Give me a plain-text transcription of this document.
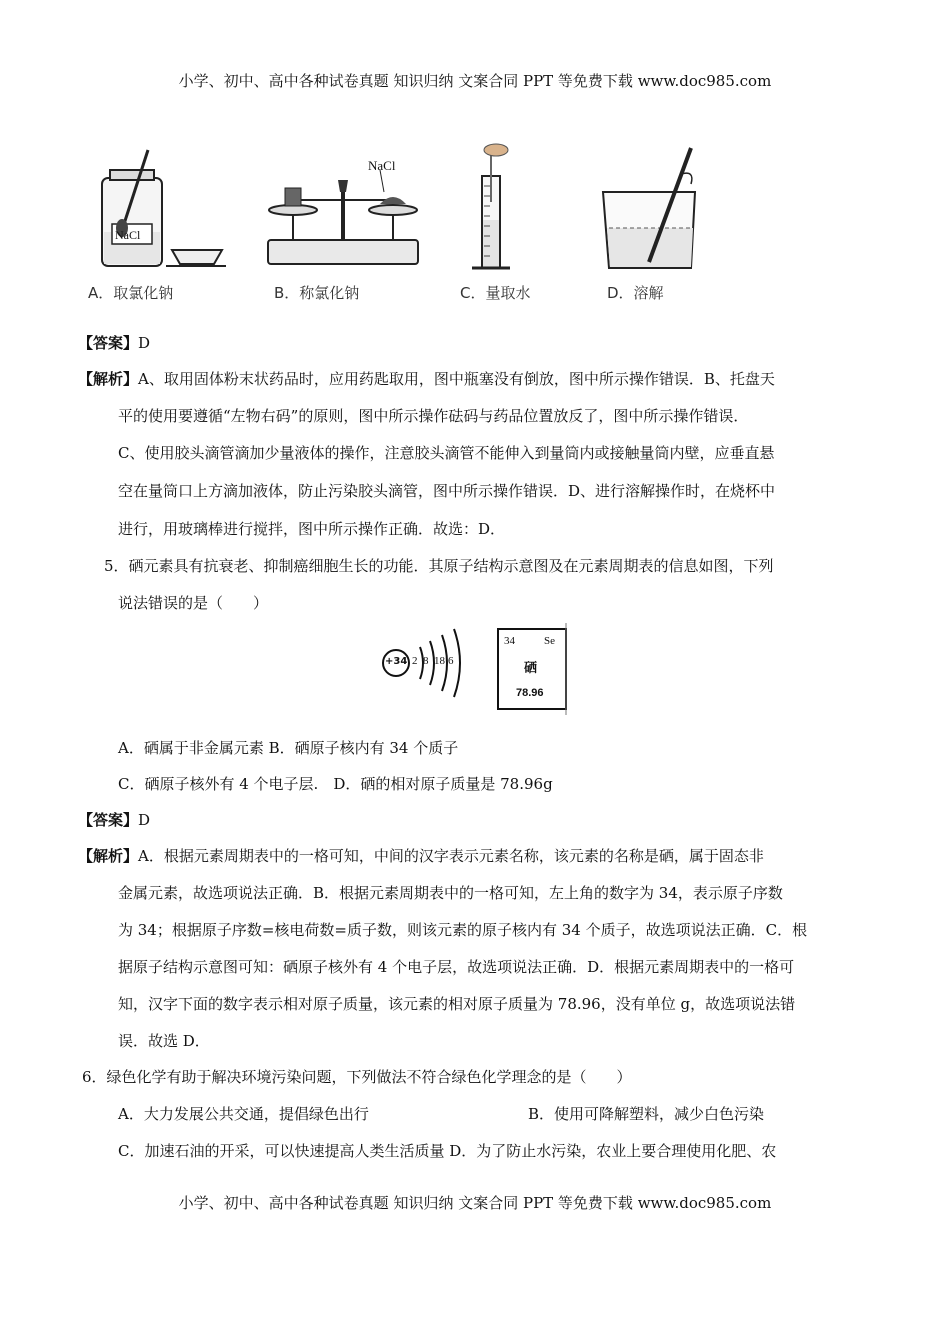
小学、初中、高中各种试卷真题 知识归纳 文案合同 PPT 等免费下载 www.doc985.com
NaCl
A．取氯化钠
NaCl
B．称氯化钠	C．量取水	D．溶解
【答案】D
【解析】A、取用固体粉末状药品时，应用药匙取用，图中瓶塞没有倒放，图中所示操作错误．B、托盘天
平的使用要遵循“左物右码”的原则，图中所示操作砝码与药品位置放反了，图中所示操作错误．
C、使用胶头滴管滴加少量液体的操作，注意胶头滴管不能伸入到量筒内或接触量筒内壁，应垂直悬
空在量筒口上方滴加液体，防止污染胶头滴管，图中所示操作错误．D、进行溶解操作时，在烧杯中
进行，用玻璃棒进行搅拌，图中所示操作正确．故选：D．
5．硒元素具有抗衰老、抑制癌细胞生长的功能．其原子结构示意图及在元素周期表的信息如图，下列
说法错误的是（　　）
+34 2 8 18 6
34	Se
硒
78.96
A．硒属于非金属元素 B．硒原子核内有 34 个质子
C．硒原子核外有 4 个电子层.　D．硒的相对原子质量是 78.96g
【答案】D
【解析】A．根据元素周期表中的一格可知，中间的汉字表示元素名称，该元素的名称是硒，属于固态非
金属元素，故选项说法正确．B．根据元素周期表中的一格可知，左上角的数字为 34，表示原子序数
为 34；根据原子序数=核电荷数=质子数，则该元素的原子核内有 34 个质子，故选项说法正确．C．根
据原子结构示意图可知：硒原子核外有 4 个电子层，故选项说法正确．D．根据元素周期表中的一格可
知，汉字下面的数字表示相对原子质量，该元素的相对原子质量为 78.96，没有单位 g，故选项说法错
误．故选 D．
6．绿色化学有助于解决环境污染问题，下列做法不符合绿色化学理念的是（　　）
A．大力发展公共交通，提倡绿色出行	B．使用可降解塑料，减少白色污染
C．加速石油的开采，可以快速提高人类生活质量 D．为了防止水污染，农业上要合理使用化肥、农
小学、初中、高中各种试卷真题 知识归纳 文案合同 PPT 等免费下载 www.doc985.com
